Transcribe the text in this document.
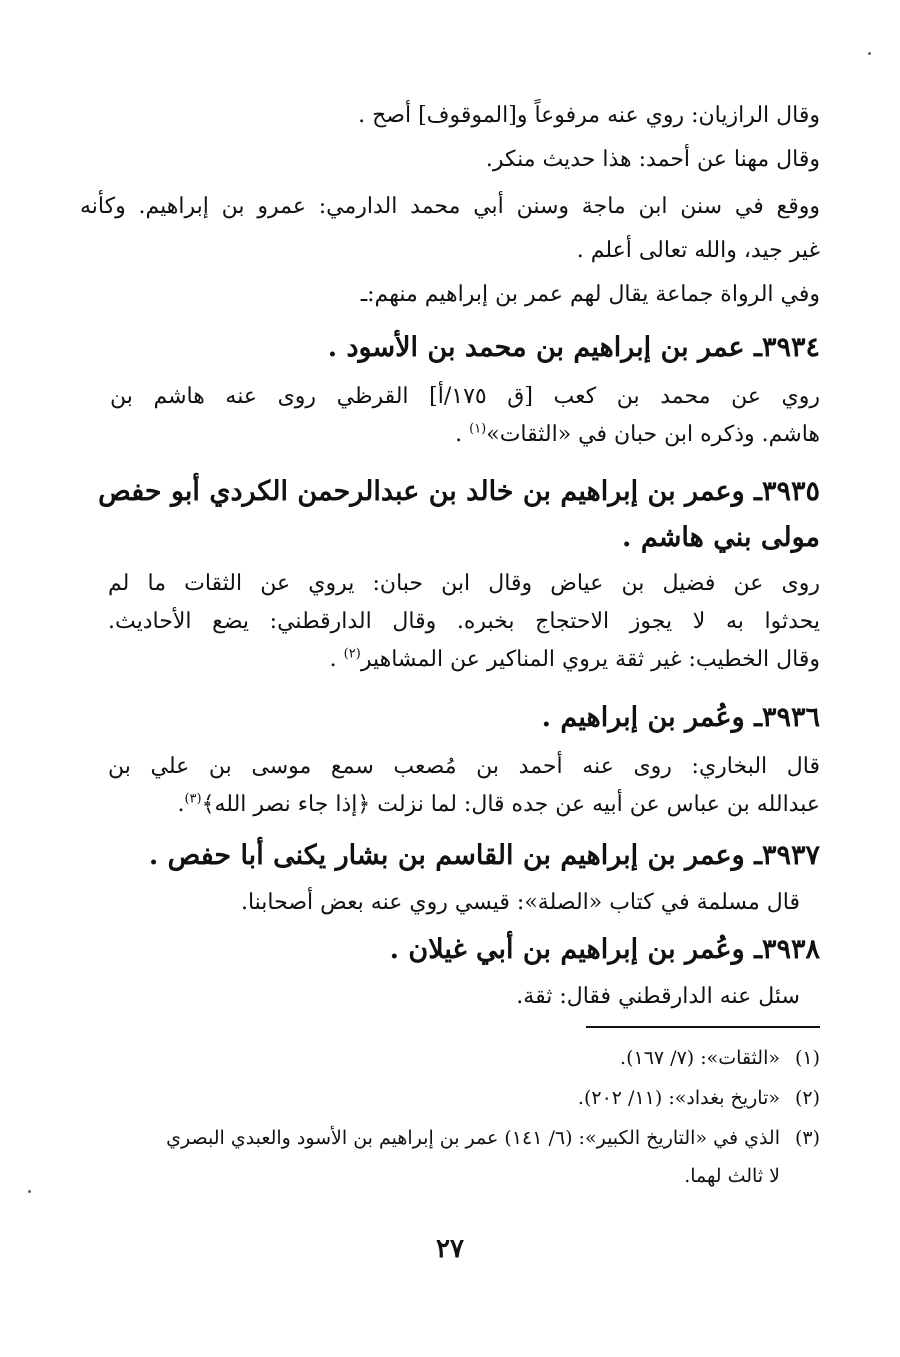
وقال الرازيان: روي عنه مرفوعاً و[الموقوف] أصح .
وقال مهنا عن أحمد: هذا حديث منكر.
ووقع في سنن ابن ماجة وسنن أبي محمد الدارمي: عمرو بن إبراهيم. وكأنه
غير جيد، والله تعالى أعلم .
وفي الرواة جماعة يقال لهم عمر بن إبراهيم منهم:ـ
٣٩٣٤ـ عمر بن إبراهيم بن محمد بن الأسود .
روي عن محمد بن كعب [ق ١٧٥/أ] القرظي روى عنه هاشم بن
هاشم. وذكره ابن حبان في «الثقات»$^{(١)}$ .
٣٩٣٥ـ وعمر بن إبراهيم بن خالد بن عبدالرحمن الكردي أبو حفص
مولى بني هاشم .
روى عن فضيل بن عياض وقال ابن حبان: يروي عن الثقات ما لم
يحدثوا به لا يجوز الاحتجاج بخبره. وقال الدارقطني: يضع الأحاديث.
وقال الخطيب: غير ثقة يروي المناكير عن المشاهير$^{(٢)}$ .
٣٩٣٦ـ وعُمر بن إبراهيم .
قال البخاري: روى عنه أحمد بن مُصعب سمع موسى بن علي بن
عبدالله بن عباس عن أبيه عن جده قال: لما نزلت ﴿إذا جاء نصر الله﴾$^{(٣)}$.
٣٩٣٧ـ وعمر بن إبراهيم بن القاسم بن بشار يكنى أبا حفص .
قال مسلمة في كتاب «الصلة»: قيسي روي عنه بعض أصحابنا.
٣٩٣٨ـ وعُمر بن إبراهيم بن أبي غيلان .
سئل عنه الدارقطني فقال: ثقة.
(١)«الثقات»: (٧/ ١٦٧).
(٢)«تاريخ بغداد»: (١١/ ٢٠٢).
(٣)الذي في «التاريخ الكبير»: (٦/ ١٤١) عمر بن إبراهيم بن الأسود والعبدي البصري
لا ثالث لهما.
٢٧
